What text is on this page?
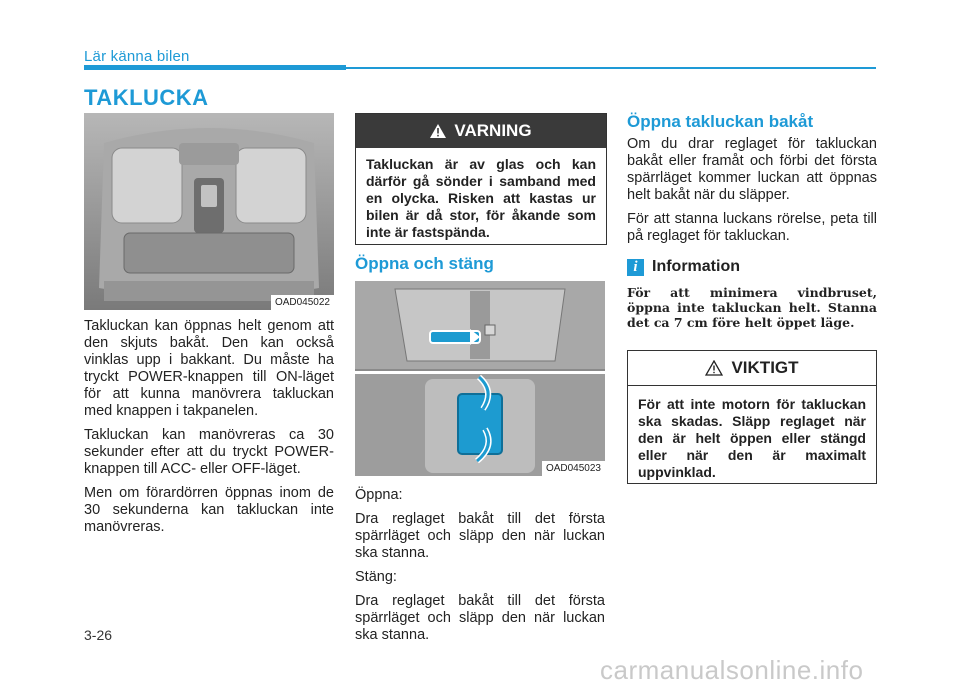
Lär känna bilen
TAKLUCKA
OAD045022

Takluckan kan öppnas helt genom att den skjuts bakåt. Den kan också vinklas upp i bakkant. Du måste ha tryckt POWER-knappen till ON-läget för att kunna manövrera takluckan med knappen i takpanelen.

Takluckan kan manövreras ca 30 sekunder efter att du tryckt POWER-knappen till ACC- eller OFF-läget.

Men om förardörren öppnas inom de 30 sekunderna kan takluckan inte manövreras.

VARNING
Takluckan är av glas och kan därför gå sönder i samband med en olycka. Risken att kastas ur bilen är då stor, för åkande som inte är fastspända.
Öppna och stäng
OAD045023

Öppna:

Dra reglaget bakåt till det första spärrläget och släpp den när luckan ska stanna.

Stäng:

Dra reglaget bakåt till det första spärrläget och släpp den när luckan ska stanna.

Öppna takluckan bakåt

Om du drar reglaget för takluckan bakåt eller framåt och förbi det första spärrläget kommer luckan att öppnas helt bakåt när du släpper.

För att stanna luckans rörelse, peta till på reglaget för takluckan.

i Information
För att minimera vindbruset, öppna inte takluckan helt. Stanna det ca 7 cm före helt öppet läge.
VIKTIGT
För att inte motorn för takluckan ska skadas. Släpp reglaget när den är helt öppen eller stängd eller när den är maximalt uppvinklad.
3-26
carmanualsonline.info
